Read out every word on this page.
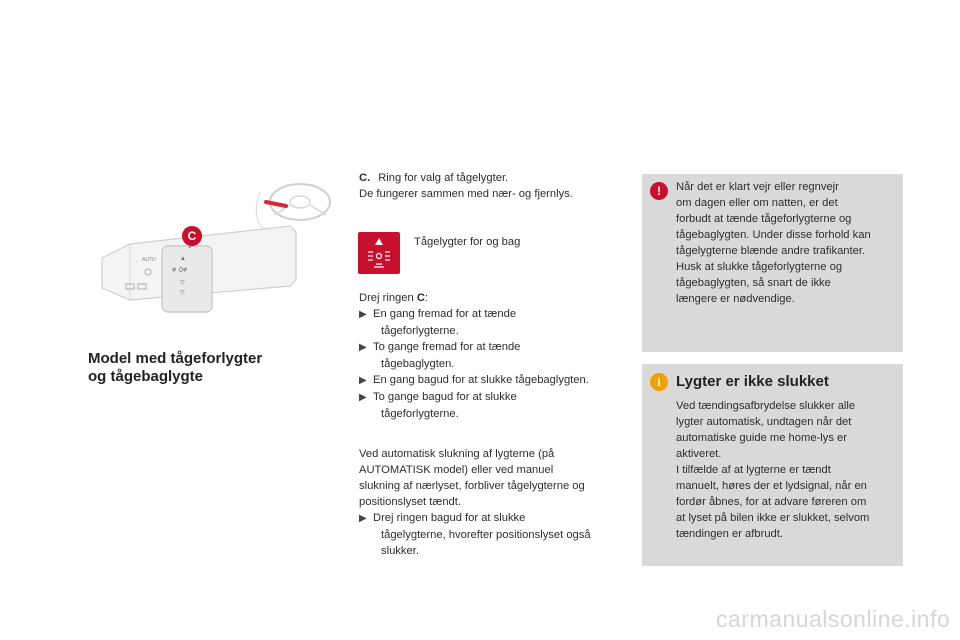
AUTO	▲
≢0≢
▽
▽
C
Model med tågeforlygter
og tågebaglygte
C. Ring for valg af tågelygter.
De fungerer sammen med nær- og fjernlys.
Tågelygter for og bag
Drej ringen C:
▶ En gang fremad for at tænde
tågeforlygterne.
▶ To gange fremad for at tænde
tågebaglygten.
▶ En gang bagud for at slukke tågebaglygten.
▶ To gange bagud for at slukke
tågeforlygterne.
Ved automatisk slukning af lygterne (på
AUTOMATISK model) eller ved manuel
slukning af nærlyset, forbliver tågelygterne og
positionslyset tændt.
▶ Drej ringen bagud for at slukke
tågelygterne, hvorefter positionslyset også
slukker.
!	Når det er klart vejr eller regnvejr
om dagen eller om natten, er det
forbudt at tænde tågeforlygterne og
tågebaglygten. Under disse forhold kan
tågelygterne blænde andre trafikanter.
Husk at slukke tågeforlygterne og
tågebaglygten, så snart de ikke
længere er nødvendige.
i	Lygter er ikke slukket
Ved tændingsafbrydelse slukker alle
lygter automatisk, undtagen når det
automatiske guide me home-lys er
aktiveret.
I tilfælde af at lygterne er tændt
manuelt, høres der et lydsignal, når en
fordør åbnes, for at advare føreren om
at lyset på bilen ikke er slukket, selvom
tændingen er afbrudt.
carmanualsonline.info
